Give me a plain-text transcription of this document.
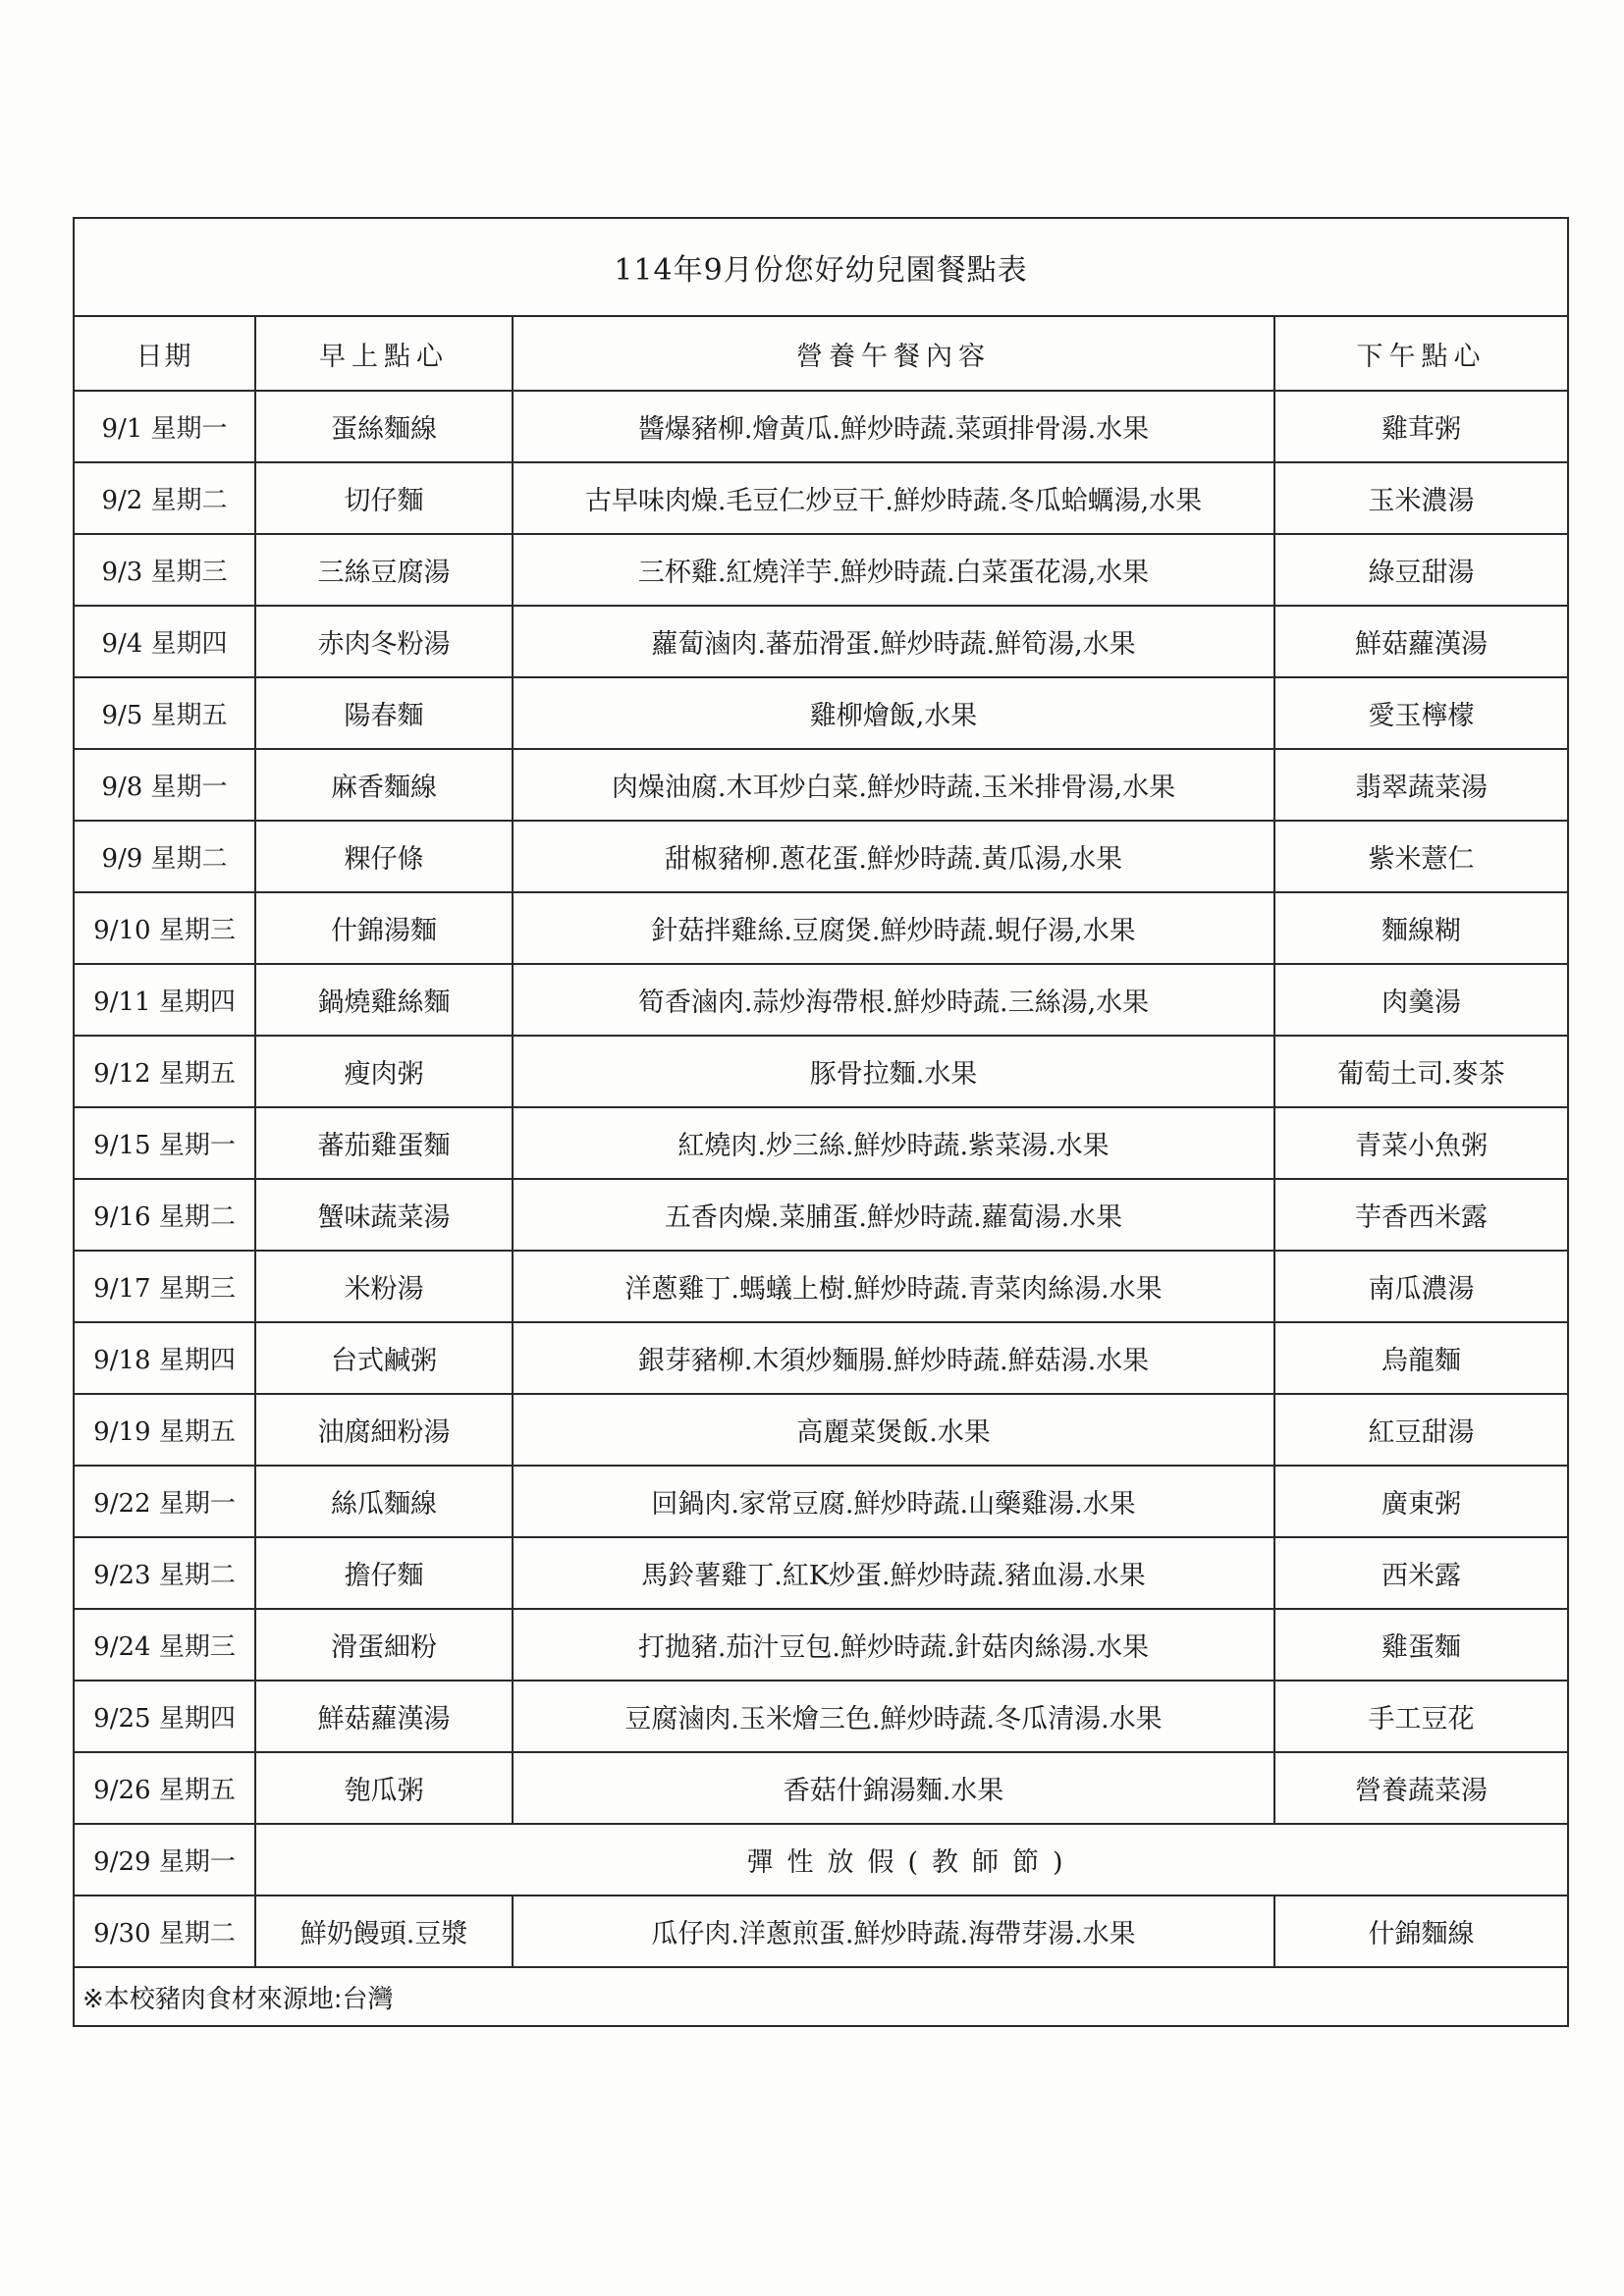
114年9月份您好幼兒園餐點表
日期	早上點心	營養午餐內容	下午點心
9/1 星期一	蛋絲麵線	醬爆豬柳.燴黃瓜.鮮炒時蔬.菜頭排骨湯.水果	雞茸粥
9/2 星期二	切仔麵	古早味肉燥.毛豆仁炒豆干.鮮炒時蔬.冬瓜蛤蠣湯,水果	玉米濃湯
9/3 星期三	三絲豆腐湯	三杯雞.紅燒洋芋.鮮炒時蔬.白菜蛋花湯,水果	綠豆甜湯
9/4 星期四	赤肉冬粉湯	蘿蔔滷肉.蕃茄滑蛋.鮮炒時蔬.鮮筍湯,水果	鮮菇蘿漢湯
9/5 星期五	陽春麵	雞柳燴飯,水果	愛玉檸檬
9/8 星期一	麻香麵線	肉燥油腐.木耳炒白菜.鮮炒時蔬.玉米排骨湯,水果	翡翠蔬菜湯
9/9 星期二	粿仔條	甜椒豬柳.蔥花蛋.鮮炒時蔬.黃瓜湯,水果	紫米薏仁
9/10 星期三	什錦湯麵	針菇拌雞絲.豆腐煲.鮮炒時蔬.蜆仔湯,水果	麵線糊
9/11 星期四	鍋燒雞絲麵	筍香滷肉.蒜炒海帶根.鮮炒時蔬.三絲湯,水果	肉羹湯
9/12 星期五	瘦肉粥	豚骨拉麵.水果	葡萄土司.麥茶
9/15 星期一	蕃茄雞蛋麵	紅燒肉.炒三絲.鮮炒時蔬.紫菜湯.水果	青菜小魚粥
9/16 星期二	蟹味蔬菜湯	五香肉燥.菜脯蛋.鮮炒時蔬.蘿蔔湯.水果	芋香西米露
9/17 星期三	米粉湯	洋蔥雞丁.螞蟻上樹.鮮炒時蔬.青菜肉絲湯.水果	南瓜濃湯
9/18 星期四	台式鹹粥	銀芽豬柳.木須炒麵腸.鮮炒時蔬.鮮菇湯.水果	烏龍麵
9/19 星期五	油腐細粉湯	高麗菜煲飯.水果	紅豆甜湯
9/22 星期一	絲瓜麵線	回鍋肉.家常豆腐.鮮炒時蔬.山藥雞湯.水果	廣東粥
9/23 星期二	擔仔麵	馬鈴薯雞丁.紅K炒蛋.鮮炒時蔬.豬血湯.水果	西米露
9/24 星期三	滑蛋細粉	打拋豬.茄汁豆包.鮮炒時蔬.針菇肉絲湯.水果	雞蛋麵
9/25 星期四	鮮菇蘿漢湯	豆腐滷肉.玉米燴三色.鮮炒時蔬.冬瓜清湯.水果	手工豆花
9/26 星期五	匏瓜粥	香菇什錦湯麵.水果	營養蔬菜湯
9/29 星期一	彈性放假(教師節)		
9/30 星期二	鮮奶饅頭.豆漿	瓜仔肉.洋蔥煎蛋.鮮炒時蔬.海帶芽湯.水果	什錦麵線
※本校豬肉食材來源地:台灣
